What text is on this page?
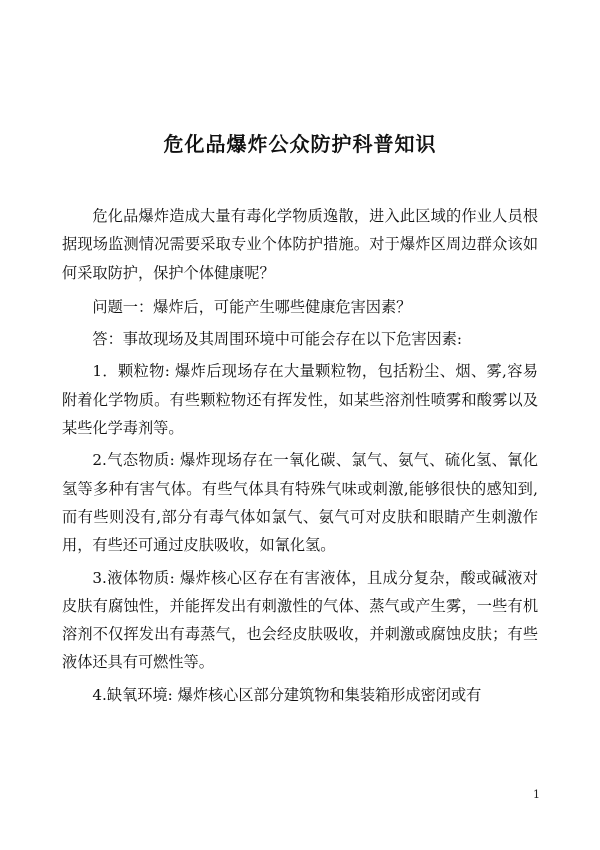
危化品爆炸公众防护科普知识

危化品爆炸造成大量有毒化学物质逸散，进入此区域的作业人员根据现场监测情况需要采取专业个体防护措施。对于爆炸区周边群众该如何采取防护，保护个体健康呢？

问题一：爆炸后，可能产生哪些健康危害因素？

答：事故现场及其周围环境中可能会存在以下危害因素:

1．颗粒物: 爆炸后现场存在大量颗粒物，包括粉尘、烟、雾,容易附着化学物质。有些颗粒物还有挥发性，如某些溶剂性喷雾和酸雾以及某些化学毒剂等。

2.气态物质: 爆炸现场存在一氧化碳、氯气、氨气、硫化氢、氰化氢等多种有害气体。有些气体具有特殊气味或刺激,能够很快的感知到,而有些则没有,部分有毒气体如氯气、氨气可对皮肤和眼睛产生刺激作用，有些还可通过皮肤吸收，如氰化氢。

3.液体物质: 爆炸核心区存在有害液体，且成分复杂，酸或碱液对皮肤有腐蚀性，并能挥发出有刺激性的气体、蒸气或产生雾，一些有机溶剂不仅挥发出有毒蒸气，也会经皮肤吸收，并刺激或腐蚀皮肤；有些液体还具有可燃性等。

4.缺氧环境: 爆炸核心区部分建筑物和集装箱形成密闭或有

1
